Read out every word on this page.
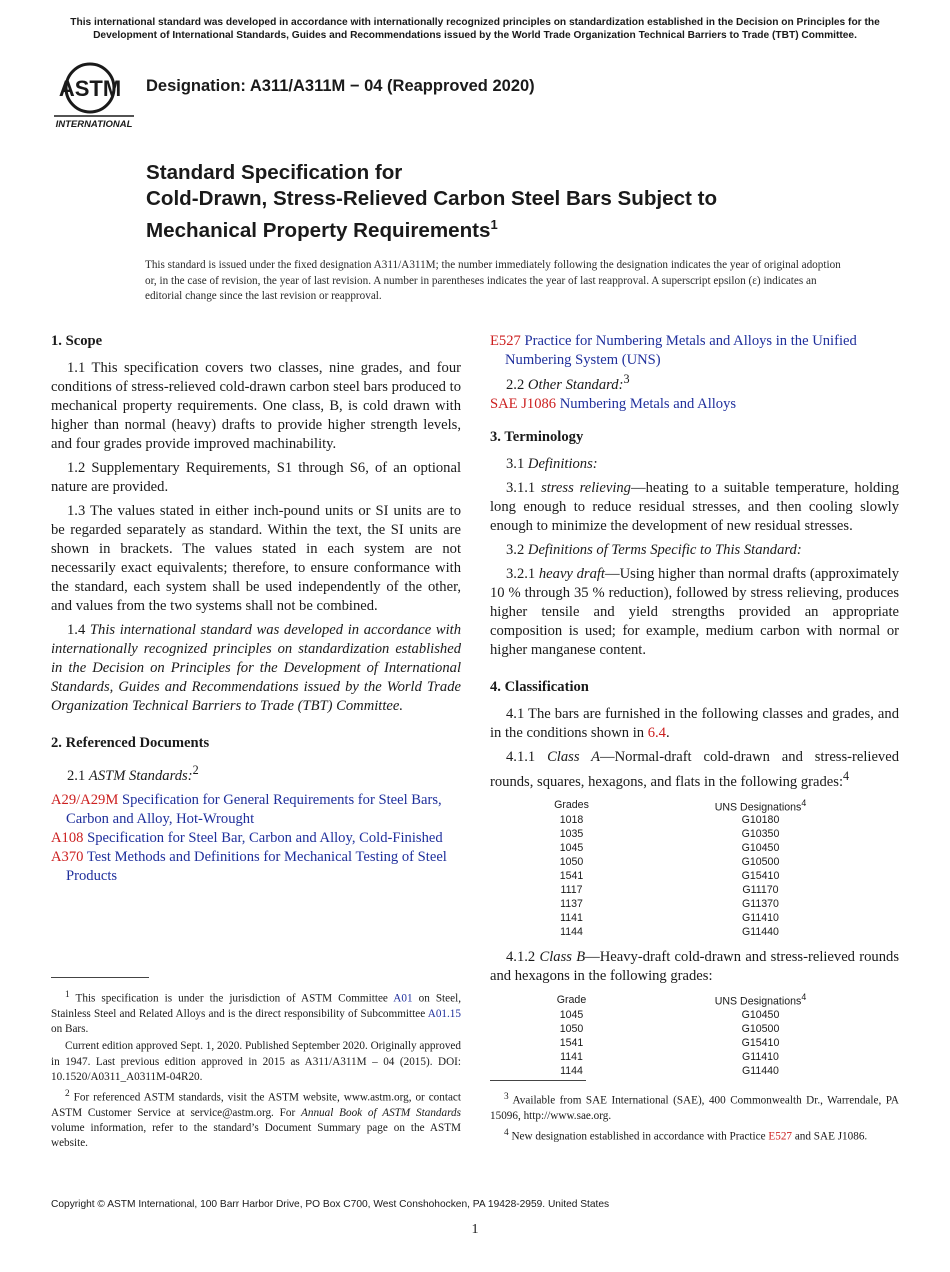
This international standard was developed in accordance with internationally recognized principles on standardization established in the Decision on Principles for the Development of International Standards, Guides and Recommendations issued by the World Trade Organization Technical Barriers to Trade (TBT) Committee.
ASTM
INTERNATIONAL
Designation: A311/A311M − 04 (Reapproved 2020)
Standard Specification for
Cold-Drawn, Stress-Relieved Carbon Steel Bars Subject to
Mechanical Property Requirements$^1$
This standard is issued under the fixed designation A311/A311M; the number immediately following the designation indicates the year of original adoption or, in the case of revision, the year of last revision. A number in parentheses indicates the year of last reapproval. A superscript epsilon (ε) indicates an editorial change since the last revision or reapproval.
1. Scope

1.1 This specification covers two classes, nine grades, and four conditions of stress-relieved cold-drawn carbon steel bars produced to mechanical property requirements. One class, B, is cold drawn with higher than normal (heavy) drafts to provide higher strength levels, and four grades provide improved machinability.

1.2 Supplementary Requirements, S1 through S6, of an optional nature are provided.

1.3 The values stated in either inch-pound units or SI units are to be regarded separately as standard. Within the text, the SI units are shown in brackets. The values stated in each system are not necessarily exact equivalents; therefore, to ensure conformance with the standard, each system shall be used independently of the other, and values from the two systems shall not be combined.

1.4 This international standard was developed in accordance with internationally recognized principles on standardization established in the Decision on Principles for the Development of International Standards, Guides and Recommendations issued by the World Trade Organization Technical Barriers to Trade (TBT) Committee.

2. Referenced Documents

2.1 ASTM Standards:$^2$

A29/A29M Specification for General Requirements for Steel Bars, Carbon and Alloy, Hot-Wrought
A108 Specification for Steel Bar, Carbon and Alloy, Cold-Finished
A370 Test Methods and Definitions for Mechanical Testing of Steel Products

$^1$ This specification is under the jurisdiction of ASTM Committee A01 on Steel, Stainless Steel and Related Alloys and is the direct responsibility of Subcommittee A01.15 on Bars.

Current edition approved Sept. 1, 2020. Published September 2020. Originally approved in 1947. Last previous edition approved in 2015 as A311/A311M – 04 (2015). DOI: 10.1520/A0311_A0311M-04R20.

$^2$ For referenced ASTM standards, visit the ASTM website, www.astm.org, or contact ASTM Customer Service at service@astm.org. For Annual Book of ASTM Standards volume information, refer to the standard’s Document Summary page on the ASTM website.

E527 Practice for Numbering Metals and Alloys in the Unified Numbering System (UNS)

2.2 Other Standard:$^3$

SAE J1086 Numbering Metals and Alloys
3. Terminology

3.1 Definitions:

3.1.1 stress relieving—heating to a suitable temperature, holding long enough to reduce residual stresses, and then cooling slowly enough to minimize the development of new residual stresses.

3.2 Definitions of Terms Specific to This Standard:

3.2.1 heavy draft—Using higher than normal drafts (approximately 10 % through 35 % reduction), followed by stress relieving, produces higher tensile and yield strengths provided an appropriate composition is used; for example, medium carbon with normal or higher manganese content.

4. Classification

4.1 The bars are furnished in the following classes and grades, and in the conditions shown in 6.4.

4.1.1 Class A—Normal-draft cold-drawn and stress-relieved rounds, squares, hexagons, and flats in the following grades:$^4$

Grades	UNS Designations$^4$
1018	G10180
1035	G10350
1045	G10450
1050	G10500
1541	G15410
1117	G11170
1137	G11370
1141	G11410
1144	G11440

4.1.2 Class B—Heavy-draft cold-drawn and stress-relieved rounds and hexagons in the following grades:

Grade	UNS Designations$^4$
1045	G10450
1050	G10500
1541	G15410
1141	G11410
1144	G11440

$^3$ Available from SAE International (SAE), 400 Commonwealth Dr., Warrendale, PA 15096, http://www.sae.org.

$^4$ New designation established in accordance with Practice E527 and SAE J1086.

Copyright © ASTM International, 100 Barr Harbor Drive, PO Box C700, West Conshohocken, PA 19428-2959. United States
1
